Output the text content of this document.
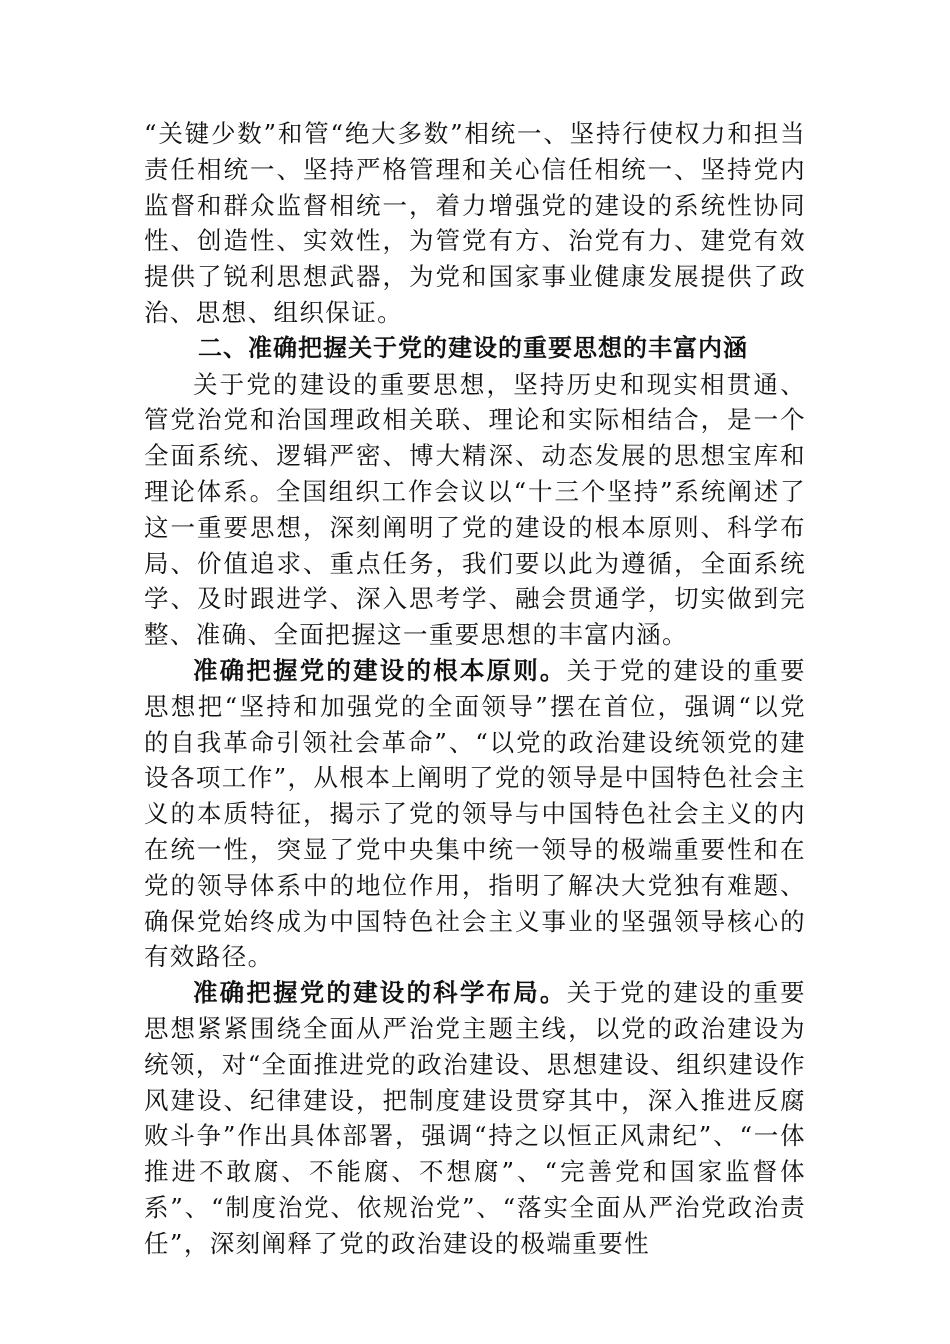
“关键少数”和管“绝大多数”相统一、坚持行使权力和担当责任相统一、坚持严格管理和关心信任相统一、坚持党内监督和群众监督相统一，着力增强党的建设的系统性协同性、创造性、实效性，为管党有方、治党有力、建党有效提供了锐利思想武器，为党和国家事业健康发展提供了政治、思想、组织保证。

二、准确把握关于党的建设的重要思想的丰富内涵

关于党的建设的重要思想，坚持历史和现实相贯通、管党治党和治国理政相关联、理论和实际相结合，是一个全面系统、逻辑严密、博大精深、动态发展的思想宝库和理论体系。全国组织工作会议以“十三个坚持”系统阐述了这一重要思想，深刻阐明了党的建设的根本原则、科学布局、价值追求、重点任务，我们要以此为遵循，全面系统学、及时跟进学、深入思考学、融会贯通学，切实做到完整、准确、全面把握这一重要思想的丰富内涵。

准确把握党的建设的根本原则。关于党的建设的重要思想把“坚持和加强党的全面领导”摆在首位，强调“以党的自我革命引领社会革命”、“以党的政治建设统领党的建设各项工作”，从根本上阐明了党的领导是中国特色社会主义的本质特征，揭示了党的领导与中国特色社会主义的内在统一性，突显了党中央集中统一领导的极端重要性和在党的领导体系中的地位作用，指明了解决大党独有难题、确保党始终成为中国特色社会主义事业的坚强领导核心的有效路径。

准确把握党的建设的科学布局。关于党的建设的重要思想紧紧围绕全面从严治党主题主线，以党的政治建设为统领，对“全面推进党的政治建设、思想建设、组织建设作风建设、纪律建设，把制度建设贯穿其中，深入推进反腐败斗争”作出具体部署，强调“持之以恒正风肃纪”、“一体推进不敢腐、不能腐、不想腐”、“完善党和国家监督体系”、“制度治党、依规治党”、“落实全面从严治党政治责任”，深刻阐释了党的政治建设的极端重要性
